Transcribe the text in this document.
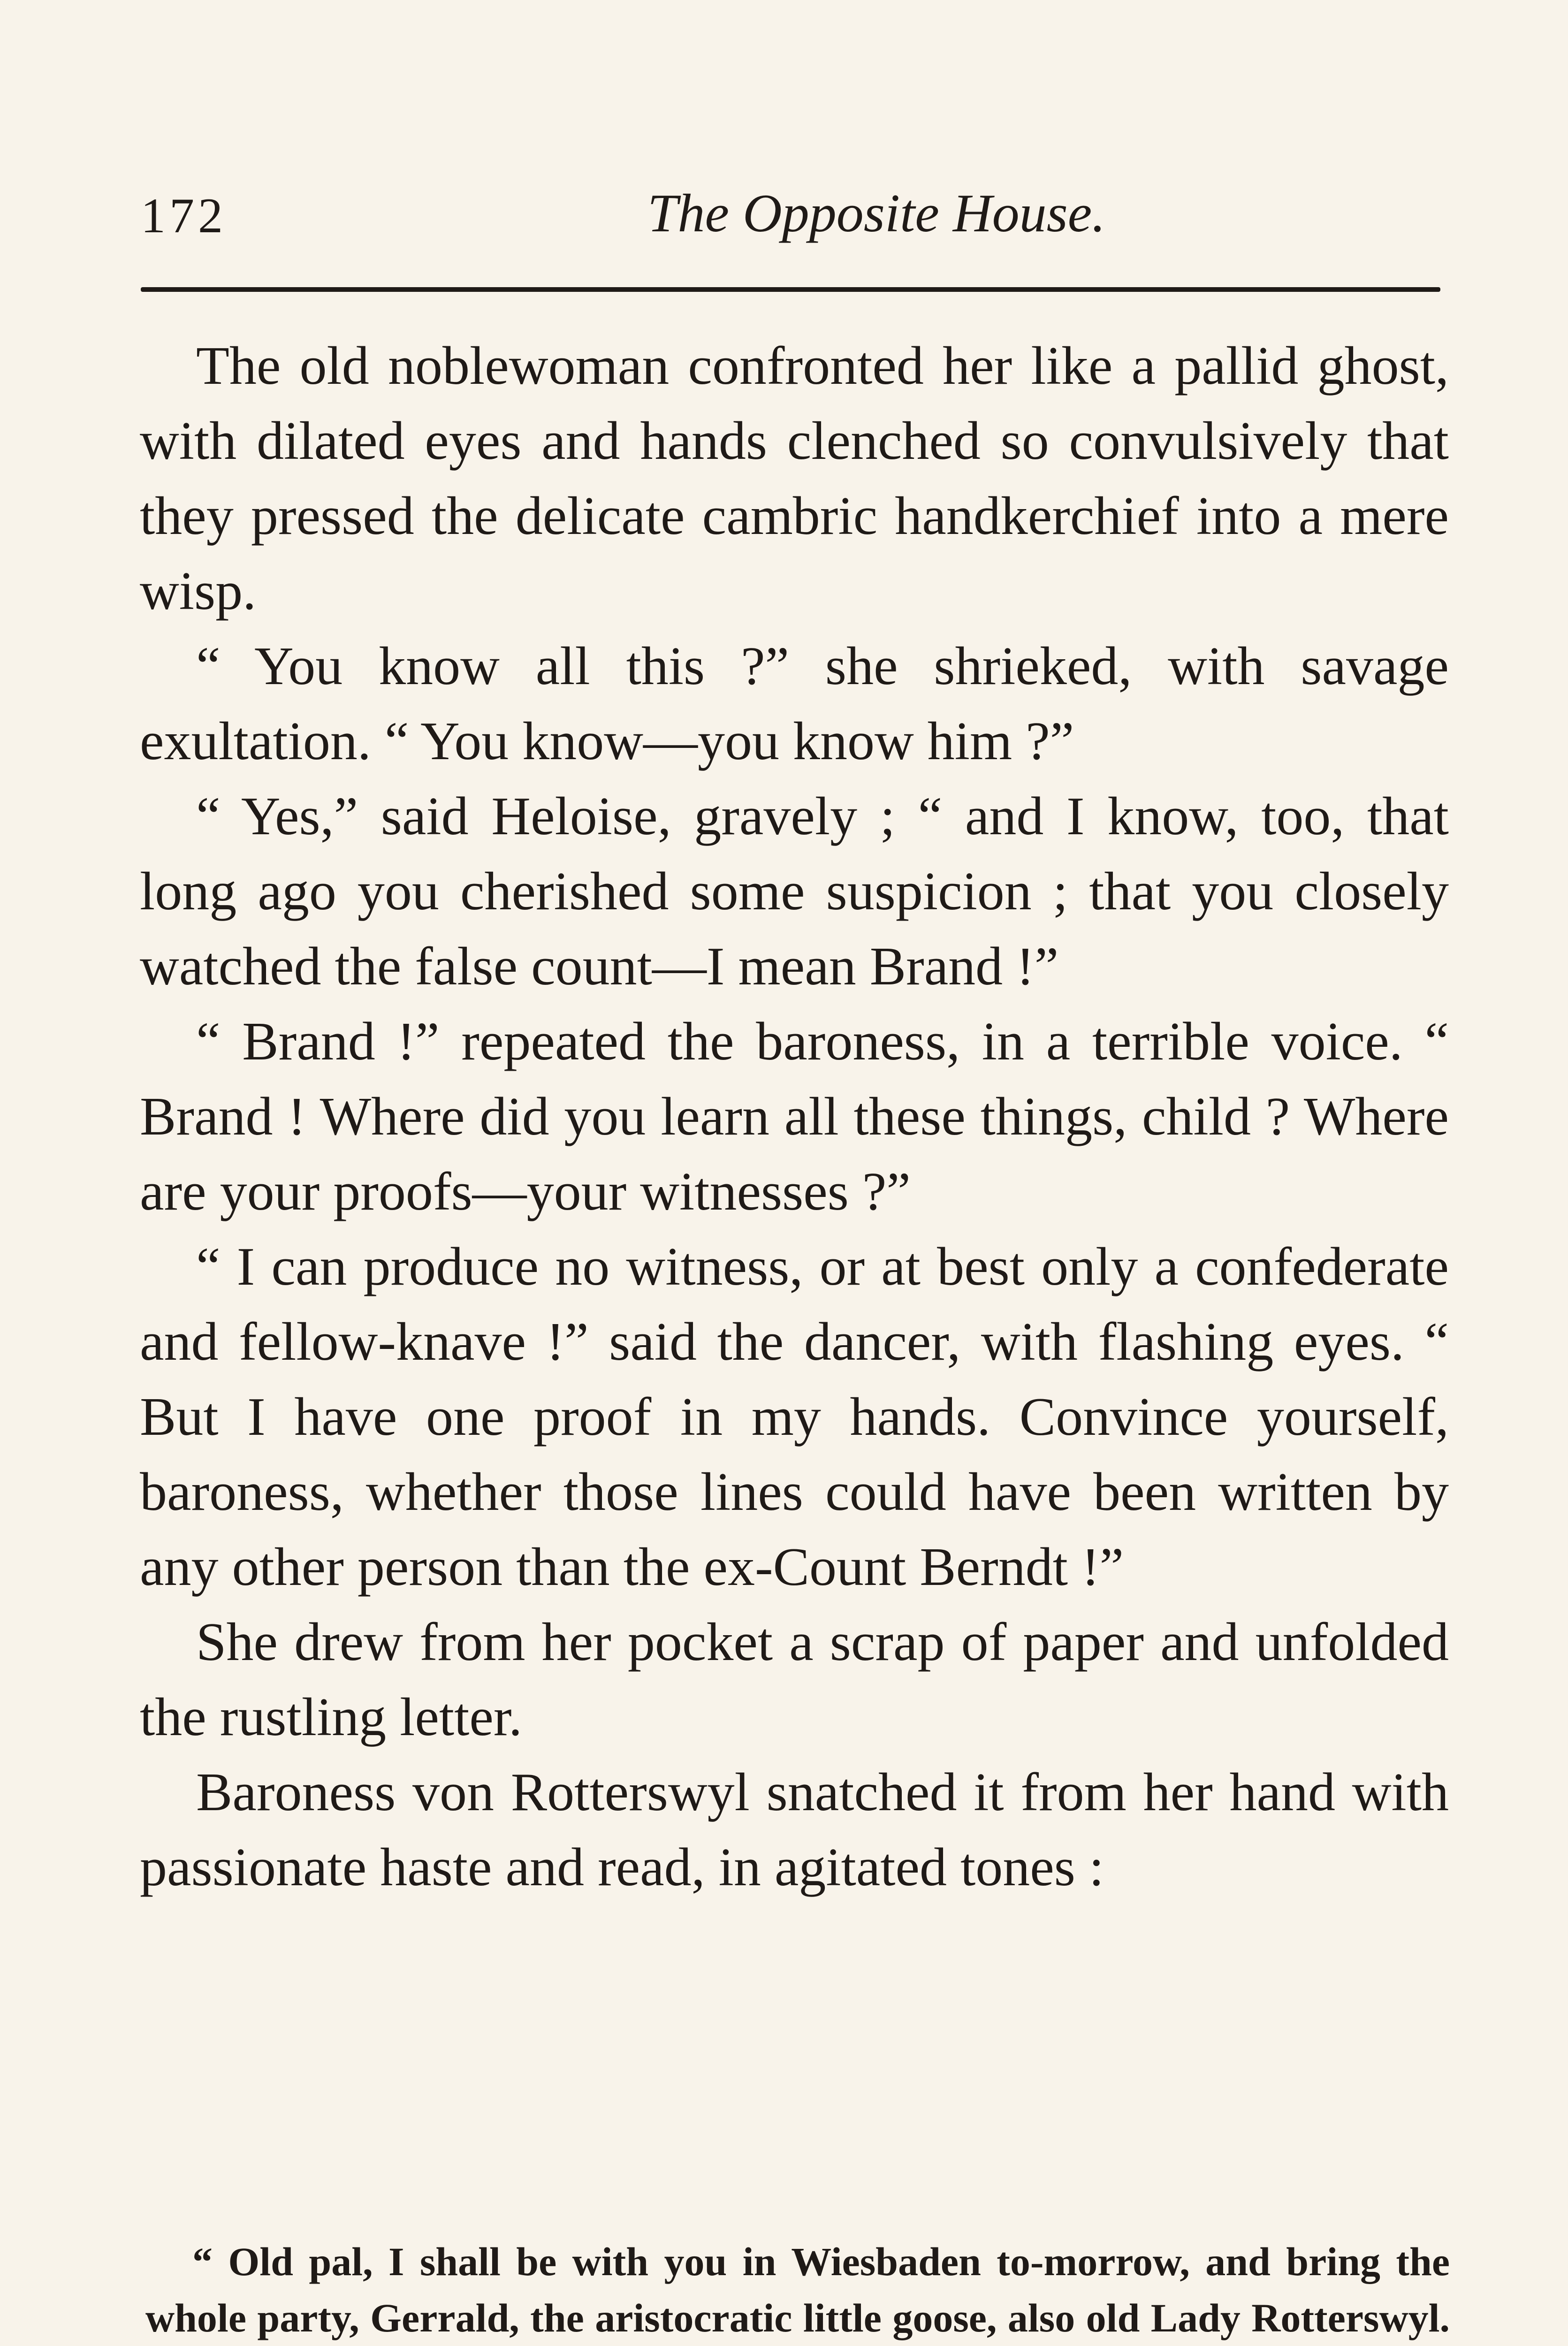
172	The Opposite House.

The old noblewoman confronted her like a pallid ghost, with dilated eyes and hands clenched so convulsively that they pressed the delicate cambric handkerchief into a mere wisp.

“ You know all this ?” she shrieked, with savage exultation. “ You know—you know him ?”

“ Yes,” said Heloise, gravely ; “ and I know, too, that long ago you cherished some suspicion ; that you closely watched the false count—I mean Brand !”

“ Brand !” repeated the baroness, in a terrible voice. “ Brand ! Where did you learn all these things, child ? Where are your proofs—your witnesses ?”

“ I can produce no witness, or at best only a confederate and fellow-knave !” said the dancer, with flashing eyes. “ But I have one proof in my hands. Convince yourself, baroness, whether those lines could have been written by any other person than the ex-Count Berndt !”

She drew from her pocket a scrap of paper and unfolded the rustling letter.

Baroness von Rotterswyl snatched it from her hand with passionate haste and read, in agitated tones :

“ Old pal, I shall be with you in Wiesbaden to-morrow, and bring the whole party, Gerrald, the aristocratic little goose, also old Lady Rotterswyl.
